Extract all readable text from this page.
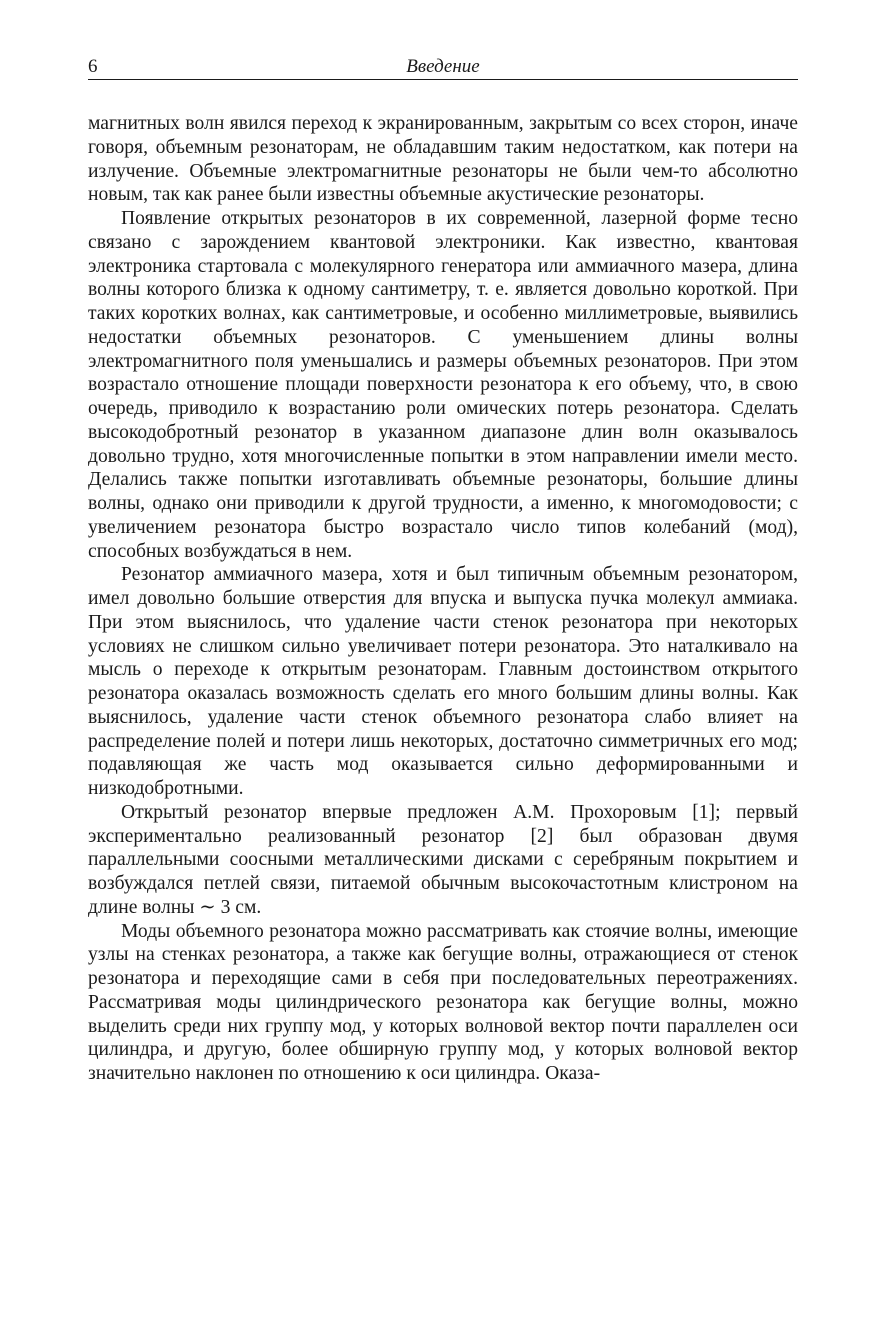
6	Введение

магнитных волн явился переход к экранированным, закрытым со всех сторон, иначе говоря, объемным резонаторам, не обладавшим таким недостатком, как потери на излучение. Объемные электромагнитные резонаторы не были чем-то абсолютно новым, так как ранее были известны объемные акустические резонаторы.

Появление открытых резонаторов в их современной, лазерной форме тесно связано с зарождением квантовой электроники. Как известно, квантовая электроника стартовала с молекулярного генератора или аммиачного мазера, длина волны которого близка к одному сантиметру, т. е. является довольно короткой. При таких коротких волнах, как сантиметровые, и особенно миллиметровые, выявились недостатки объемных резонаторов. С уменьшением длины волны электромагнитного поля уменьшались и размеры объемных резонаторов. При этом возрастало отношение площади поверхности резонатора к его объему, что, в свою очередь, приводило к возрастанию роли омических потерь резонатора. Сделать высокодобротный резонатор в указанном диапазоне длин волн оказывалось довольно трудно, хотя многочисленные попытки в этом направлении имели место. Делались также попытки изготавливать объемные резонаторы, большие длины волны, однако они приводили к другой трудности, а именно, к многомодовости; с увеличением резонатора быстро возрастало число типов колебаний (мод), способных возбуждаться в нем.

Резонатор аммиачного мазера, хотя и был типичным объемным резонатором, имел довольно большие отверстия для впуска и выпуска пучка молекул аммиака. При этом выяснилось, что удаление части стенок резонатора при некоторых условиях не слишком сильно увеличивает потери резонатора. Это наталкивало на мысль о переходе к открытым резонаторам. Главным достоинством открытого резонатора оказалась возможность сделать его много большим длины волны. Как выяснилось, удаление части стенок объемного резонатора слабо влияет на распределение полей и потери лишь некоторых, достаточно симметричных его мод; подавляющая же часть мод оказывается сильно деформированными и низкодобротными.

Открытый резонатор впервые предложен А.М. Прохоровым [1]; первый экспериментально реализованный резонатор [2] был образован двумя параллельными соосными металлическими дисками с серебряным покрытием и возбуждался петлей связи, питаемой обычным высокочастотным клистроном на длине волны ∼ 3 см.

Моды объемного резонатора можно рассматривать как стоячие волны, имеющие узлы на стенках резонатора, а также как бегущие волны, отражающиеся от стенок резонатора и переходящие сами в себя при последовательных переотражениях. Рассматривая моды цилиндрического резонатора как бегущие волны, можно выделить среди них группу мод, у которых волновой вектор почти параллелен оси цилиндра, и другую, более обширную группу мод, у которых волновой вектор значительно наклонен по отношению к оси цилиндра. Оказа-
